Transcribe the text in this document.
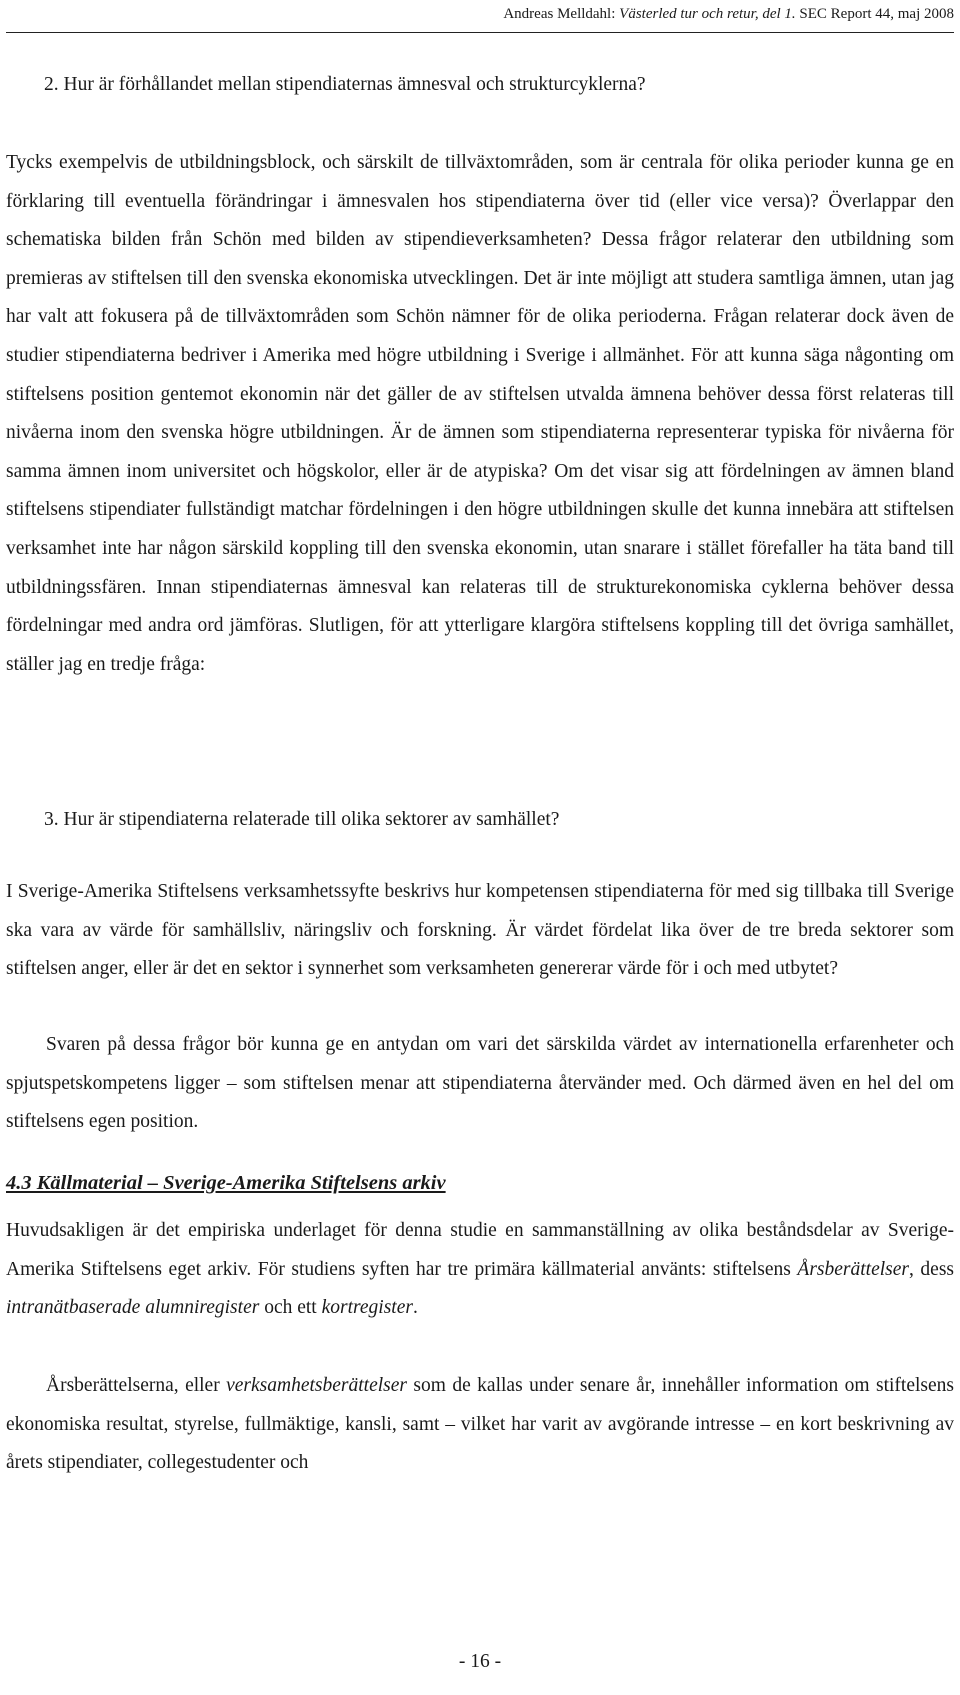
Andreas Melldahl: Västerled tur och retur, del 1. SEC Report 44, maj 2008
2. Hur är förhållandet mellan stipendiaternas ämnesval och strukturcyklerna?
Tycks exempelvis de utbildningsblock, och särskilt de tillväxtområden, som är centrala för olika perioder kunna ge en förklaring till eventuella förändringar i ämnesvalen hos stipendiaterna över tid (eller vice versa)? Överlappar den schematiska bilden från Schön med bilden av stipendieverksamheten? Dessa frågor relaterar den utbildning som premieras av stiftelsen till den svenska ekonomiska utvecklingen. Det är inte möjligt att studera samtliga ämnen, utan jag har valt att fokusera på de tillväxtområden som Schön nämner för de olika perioderna. Frågan relaterar dock även de studier stipendiaterna bedriver i Amerika med högre utbildning i Sverige i allmänhet. För att kunna säga någonting om stiftelsens position gentemot ekonomin när det gäller de av stiftelsen utvalda ämnena behöver dessa först relateras till nivåerna inom den svenska högre utbildningen. Är de ämnen som stipendiaterna representerar typiska för nivåerna för samma ämnen inom universitet och högskolor, eller är de atypiska? Om det visar sig att fördelningen av ämnen bland stiftelsens stipendiater fullständigt matchar fördelningen i den högre utbildningen skulle det kunna innebära att stiftelsen verksamhet inte har någon särskild koppling till den svenska ekonomin, utan snarare i stället förefaller ha täta band till utbildningssfären. Innan stipendiaternas ämnesval kan relateras till de strukturekonomiska cyklerna behöver dessa fördelningar med andra ord jämföras. Slutligen, för att ytterligare klargöra stiftelsens koppling till det övriga samhället, ställer jag en tredje fråga:
3. Hur är stipendiaterna relaterade till olika sektorer av samhället?
I Sverige-Amerika Stiftelsens verksamhetssyfte beskrivs hur kompetensen stipendiaterna för med sig tillbaka till Sverige ska vara av värde för samhällsliv, näringsliv och forskning. Är värdet fördelat lika över de tre breda sektorer som stiftelsen anger, eller är det en sektor i synnerhet som verksamheten genererar värde för i och med utbytet?
Svaren på dessa frågor bör kunna ge en antydan om vari det särskilda värdet av internationella erfarenheter och spjutspetskompetens ligger – som stiftelsen menar att stipendiaterna återvänder med. Och därmed även en hel del om stiftelsens egen position.
4.3 Källmaterial – Sverige-Amerika Stiftelsens arkiv
Huvudsakligen är det empiriska underlaget för denna studie en sammanställning av olika beståndsdelar av Sverige-Amerika Stiftelsens eget arkiv. För studiens syften har tre primära källmaterial använts: stiftelsens Årsberättelser, dess intranätbaserade alumniregister och ett kortregister.
Årsberättelserna, eller verksamhetsberättelser som de kallas under senare år, innehåller information om stiftelsens ekonomiska resultat, styrelse, fullmäktige, kansli, samt – vilket har varit av avgörande intresse – en kort beskrivning av årets stipendiater, collegestudenter och
- 16 -
